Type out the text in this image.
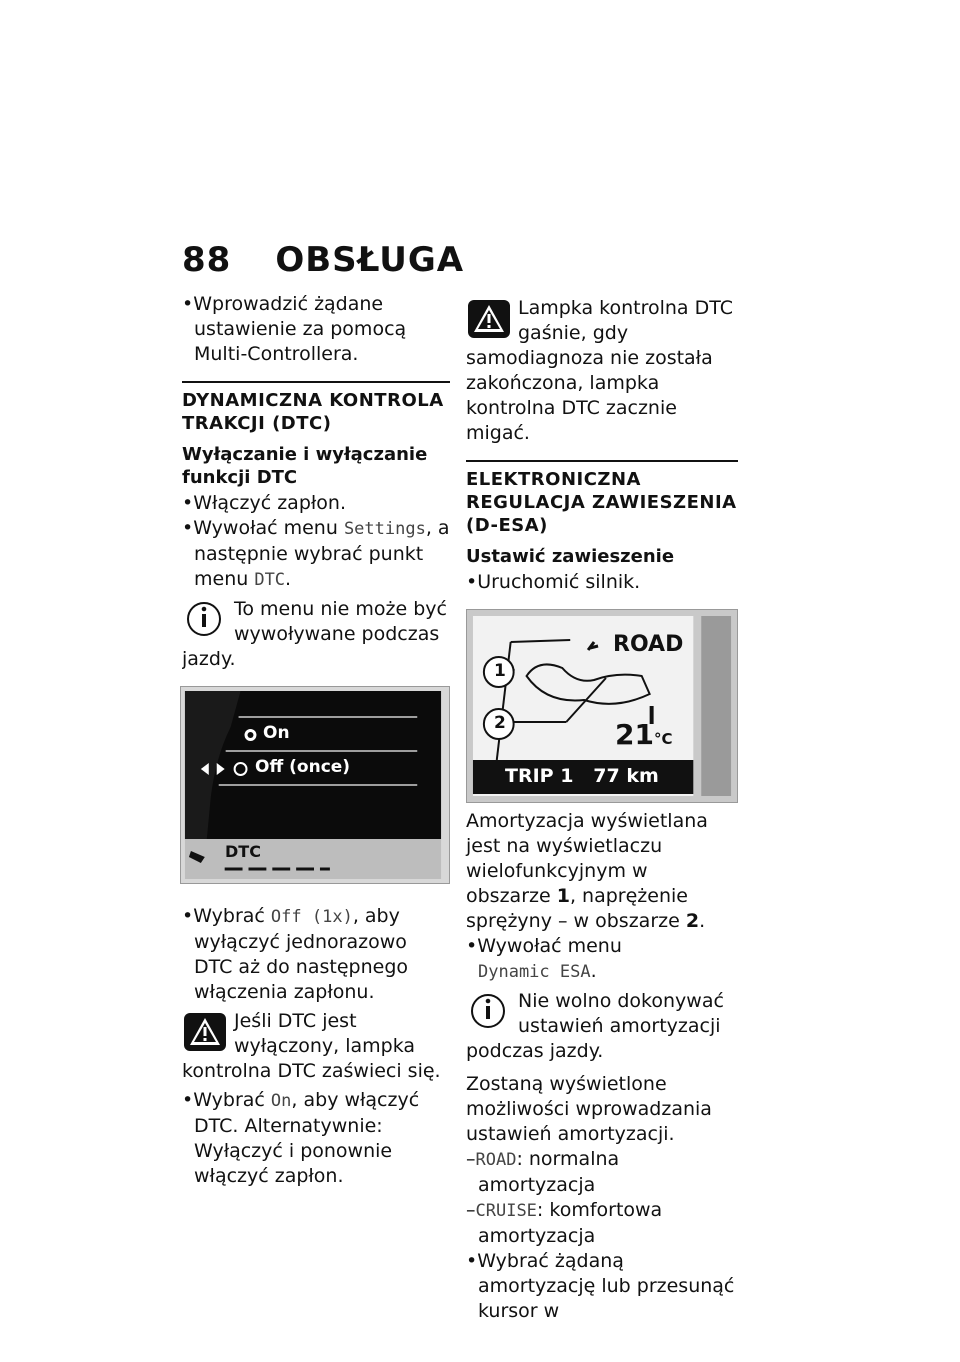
88 OBSŁUGA

• Wprowadzić żądane ustawienie za pomocą Multi-Controllera.

DYNAMICZNA KONTROLA TRAKCJI (DTC)

Wyłączanie i wyłączanie funkcji DTC

• Włączyć zapłon.

• Wywołać menu Settings, a następnie wybrać punkt menu DTC.

To menu nie może być wywoływane podczas jazdy.
On
Off (once)
DTC

• Wybrać Off (1x), aby wyłączyć jednorazowo DTC aż do następnego włączenia zapłonu.

Jeśli DTC jest wyłączony, lampka kontrolna DTC zaświeci się.

• Wybrać On, aby włączyć DTC. Alternatywnie: Wyłączyć i ponownie włączyć zapłon.

Lampka kontrolna DTC gaśnie, gdy samodiagnoza nie została zakończona, lampka kontrolna DTC zacznie migać.

ELEKTRONICZNA REGULACJA ZAWIESZENIA (D-ESA)

Ustawić zawieszenie

• Uruchomić silnik.

1
2
ROAD
21°C
TRIP 1   77 km

Amortyzacja wyświetlana jest na wyświetlaczu wielofunkcyjnym w obszarze 1, naprężenie sprężyny – w obszarze 2.

• Wywołać menu
Dynamic ESA.

Nie wolno dokonywać ustawień amortyzacji podczas jazdy.

Zostaną wyświetlone możliwości wprowadzania ustawień amortyzacji.

– ROAD: normalna amortyzacja

– CRUISE: komfortowa amortyzacja

• Wybrać żądaną amortyzację lub przesunąć kursor w
